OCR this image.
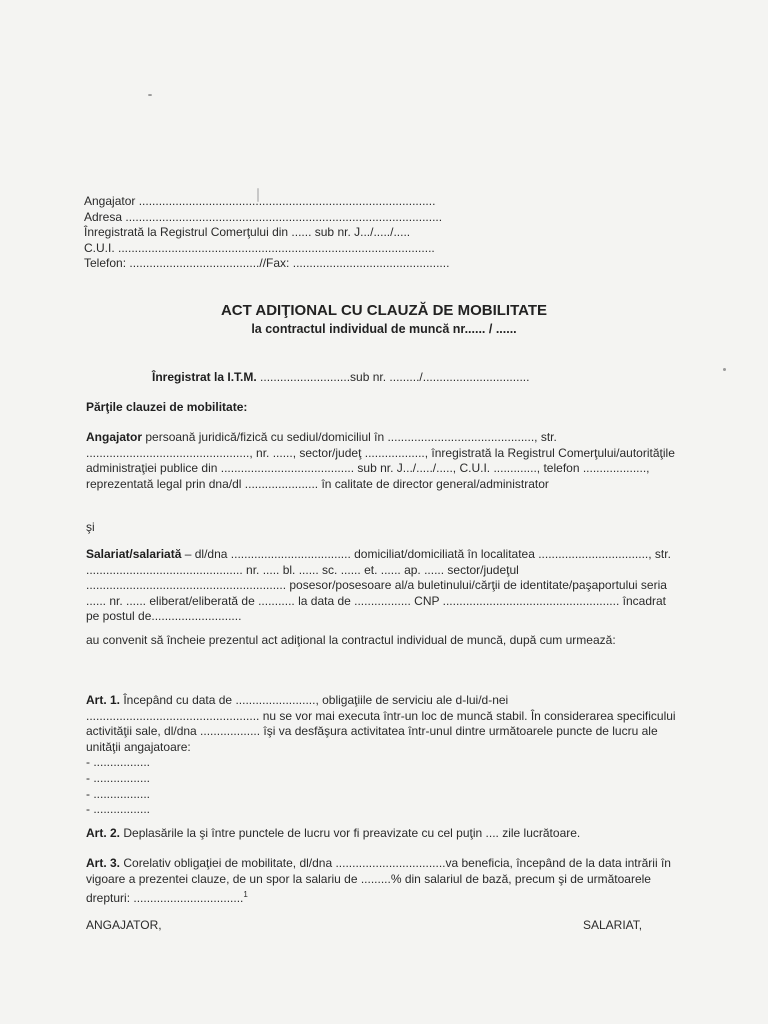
Angajator .........................................................................................
Adresa ...............................................................................................
Înregistrată la Registrul Comerţului din ...... sub nr. J.../...../.....
C.U.I. ...............................................................................................
Telefon: .......................................//Fax: ...............................................
ACT ADIŢIONAL CU CLAUZĂ DE MOBILITATE
la contractul individual de muncă nr...... / ......
Înregistrat la I.T.M. ...........................sub nr. ........./................................
Părţile clauzei de mobilitate:
Angajator persoană juridică/fizică cu sediul/domiciliul în ............................................, str. ................................................., nr. ......, sector/judeţ .................., înregistrată la Registrul Comerţului/autorităţile administraţiei publice din ........................................ sub nr. J.../...../....., C.U.I. ............., telefon ..................., reprezentată legal prin dna/dl ...................... în calitate de director general/administrator
şi
Salariat/salariată – dl/dna .................................... domiciliat/domiciliată în localitatea ................................., str. ............................................... nr. ..... bl. ...... sc. ...... et. ...... ap. ...... sector/judeţul ............................................................ posesor/posesoare al/a buletinului/cărţii de identitate/paşaportului seria ...... nr. ...... eliberat/eliberată de ........... la data de ................. CNP ..................................................... încadrat pe postul de...........................
au convenit să încheie prezentul act adiţional la contractul individual de muncă, după cum urmează:
Art. 1. Începând cu data de ........................, obligaţiile de serviciu ale d-lui/d-nei .................................................... nu se vor mai executa într-un loc de muncă stabil. În considerarea specificului activităţii sale, dl/dna .................. îşi va desfăşura activitatea într-unul dintre următoarele puncte de lucru ale unităţii angajatoare:
- .................
- .................
- .................
- .................
Art. 2. Deplasările la şi între punctele de lucru vor fi preavizate cu cel puţin .... zile lucrătoare.
Art. 3. Corelativ obligaţiei de mobilitate, dl/dna .................................va beneficia, începând de la data intrării în vigoare a prezentei clauze, de un spor la salariu de .........% din salariul de bază, precum şi de următoarele drepturi: .................................$^1$
ANGAJATOR,	SALARIAT,
